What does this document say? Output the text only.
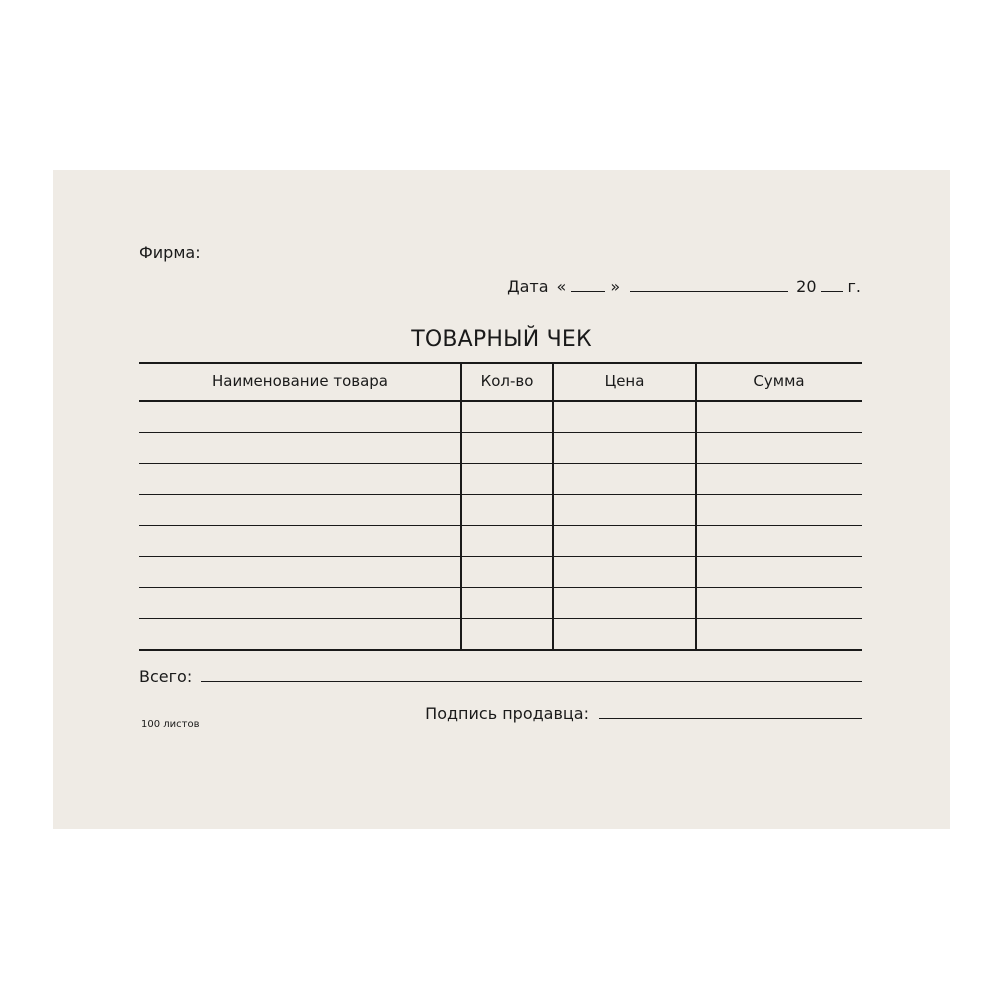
Фирма:
Дата «	»	20 г.
ТОВАРНЫЙ ЧЕК
Наименование товара	Кол-во	Цена	Сумма
Всего:
100 листов
Подпись продавца:
